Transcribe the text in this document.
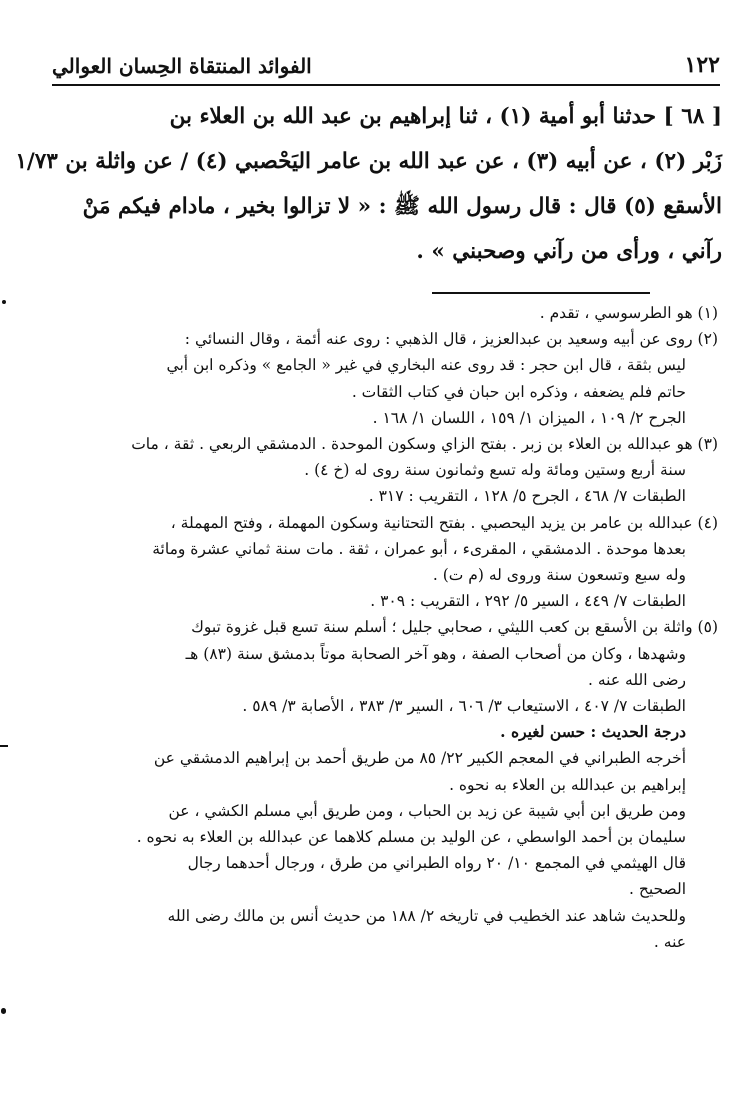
الفوائد المنتقاة الحِسان العوالي	١٢٢
[ ٦٨ ] حدثنا أبو أمية (١) ، ثنا إبراهيم بن عبد الله بن العلاء بن
زَبْر (٢) ، عن أبيه (٣) ، عن عبد الله بن عامر اليَحْصبي (٤) / عن واثلة بن ١/٧٣
الأسقع (٥) قال : قال رسول الله ﷺ : « لا تزالوا بخير ، مادام فيكم مَنْ
رآني ، ورأى من رآني وصحبني » .
(١) هو الطرسوسي ، تقدم .
(٢) روى عن أبيه وسعيد بن عبدالعزيز ، قال الذهبي : روى عنه أئمة ، وقال النسائي :
ليس بثقة ، قال ابن حجر : قد روى عنه البخاري في غير « الجامع » وذكره ابن أبي
حاتم فلم يضعفه ، وذكره ابن حبان في كتاب الثقات .
الجرح ٢/ ١٠٩ ، الميزان ١/ ١٥٩ ، اللسان ١/ ١٦٨ .
(٣) هو عبدالله بن العلاء بن زبر . بفتح الزاي وسكون الموحدة . الدمشقي الربعي . ثقة ، مات
سنة أربع وستين ومائة وله تسع وثمانون سنة روى له (خ ٤) .
الطبقات ٧/ ٤٦٨ ، الجرح ٥/ ١٢٨ ، التقريب : ٣١٧ .
(٤) عبدالله بن عامر بن يزيد اليحصبي . بفتح التحتانية وسكون المهملة ، وفتح المهملة ،
بعدها موحدة . الدمشقي ، المقرىء ، أبو عمران ، ثقة . مات سنة ثماني عشرة ومائة
وله سبع وتسعون سنة وروى له (م ت) .
الطبقات ٧/ ٤٤٩ ، السير ٥/ ٢٩٢ ، التقريب : ٣٠٩ .
(٥) واثلة بن الأسقع بن كعب الليثي ، صحابي جليل ؛ أسلم سنة تسع قبل غزوة تبوك
وشهدها ، وكان من أصحاب الصفة ، وهو آخر الصحابة موتاً بدمشق سنة (٨٣) هـ
رضى الله عنه .
الطبقات ٧/ ٤٠٧ ، الاستيعاب ٣/ ٦٠٦ ، السير ٣/ ٣٨٣ ، الأصابة ٣/ ٥٨٩ .
درجة الحديث : حسن لغيره .
أخرجه الطبراني في المعجم الكبير ٢٢/ ٨٥ من طريق أحمد بن إبراهيم الدمشقي عن
إبراهيم بن عبدالله بن العلاء به نحوه .
ومن طريق ابن أبي شيبة عن زيد بن الحباب ، ومن طريق أبي مسلم الكشي ، عن
سليمان بن أحمد الواسطي ، عن الوليد بن مسلم كلاهما عن عبدالله بن العلاء به نحوه .
قال الهيثمي في المجمع ١٠/ ٢٠ رواه الطبراني من طرق ، ورجال أحدهما رجال
الصحيح .
وللحديث شاهد عند الخطيب في تاريخه ٢/ ١٨٨ من حديث أنس بن مالك رضى الله
عنه .
